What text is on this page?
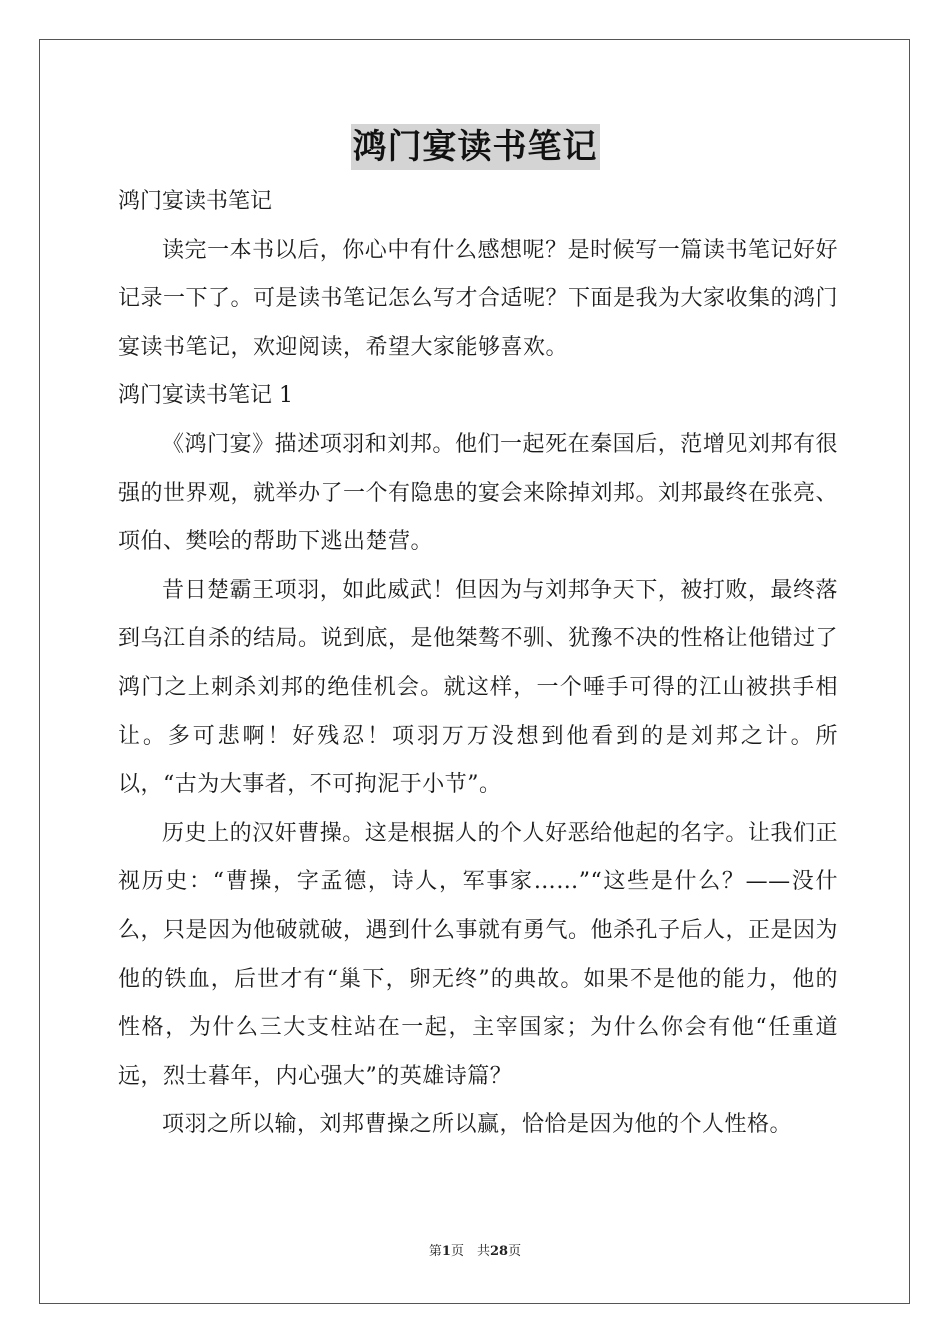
鸿门宴读书笔记

鸿门宴读书笔记

读完一本书以后，你心中有什么感想呢？是时候写一篇读书笔记好好记录一下了。可是读书笔记怎么写才合适呢？下面是我为大家收集的鸿门宴读书笔记，欢迎阅读，希望大家能够喜欢。

鸿门宴读书笔记 1

《鸿门宴》描述项羽和刘邦。他们一起死在秦国后，范增见刘邦有很强的世界观，就举办了一个有隐患的宴会来除掉刘邦。刘邦最终在张亮、项伯、樊哙的帮助下逃出楚营。

昔日楚霸王项羽，如此威武！但因为与刘邦争天下，被打败，最终落到乌江自杀的结局。说到底，是他桀骜不驯、犹豫不决的性格让他错过了鸿门之上刺杀刘邦的绝佳机会。就这样，一个唾手可得的江山被拱手相让。多可悲啊！好残忍！项羽万万没想到他看到的是刘邦之计。所以，“古为大事者，不可拘泥于小节”。

历史上的汉奸曹操。这是根据人的个人好恶给他起的名字。让我们正视历史：“曹操，字孟德，诗人，军事家……”“这些是什么？——没什么，只是因为他破就破，遇到什么事就有勇气。他杀孔子后人，正是因为他的铁血，后世才有“巢下，卵无终”的典故。如果不是他的能力，他的性格，为什么三大支柱站在一起，主宰国家；为什么你会有他“任重道远，烈士暮年，内心强大”的英雄诗篇？

项羽之所以输，刘邦曹操之所以赢，恰恰是因为他的个人性格。

第1页　共28页
